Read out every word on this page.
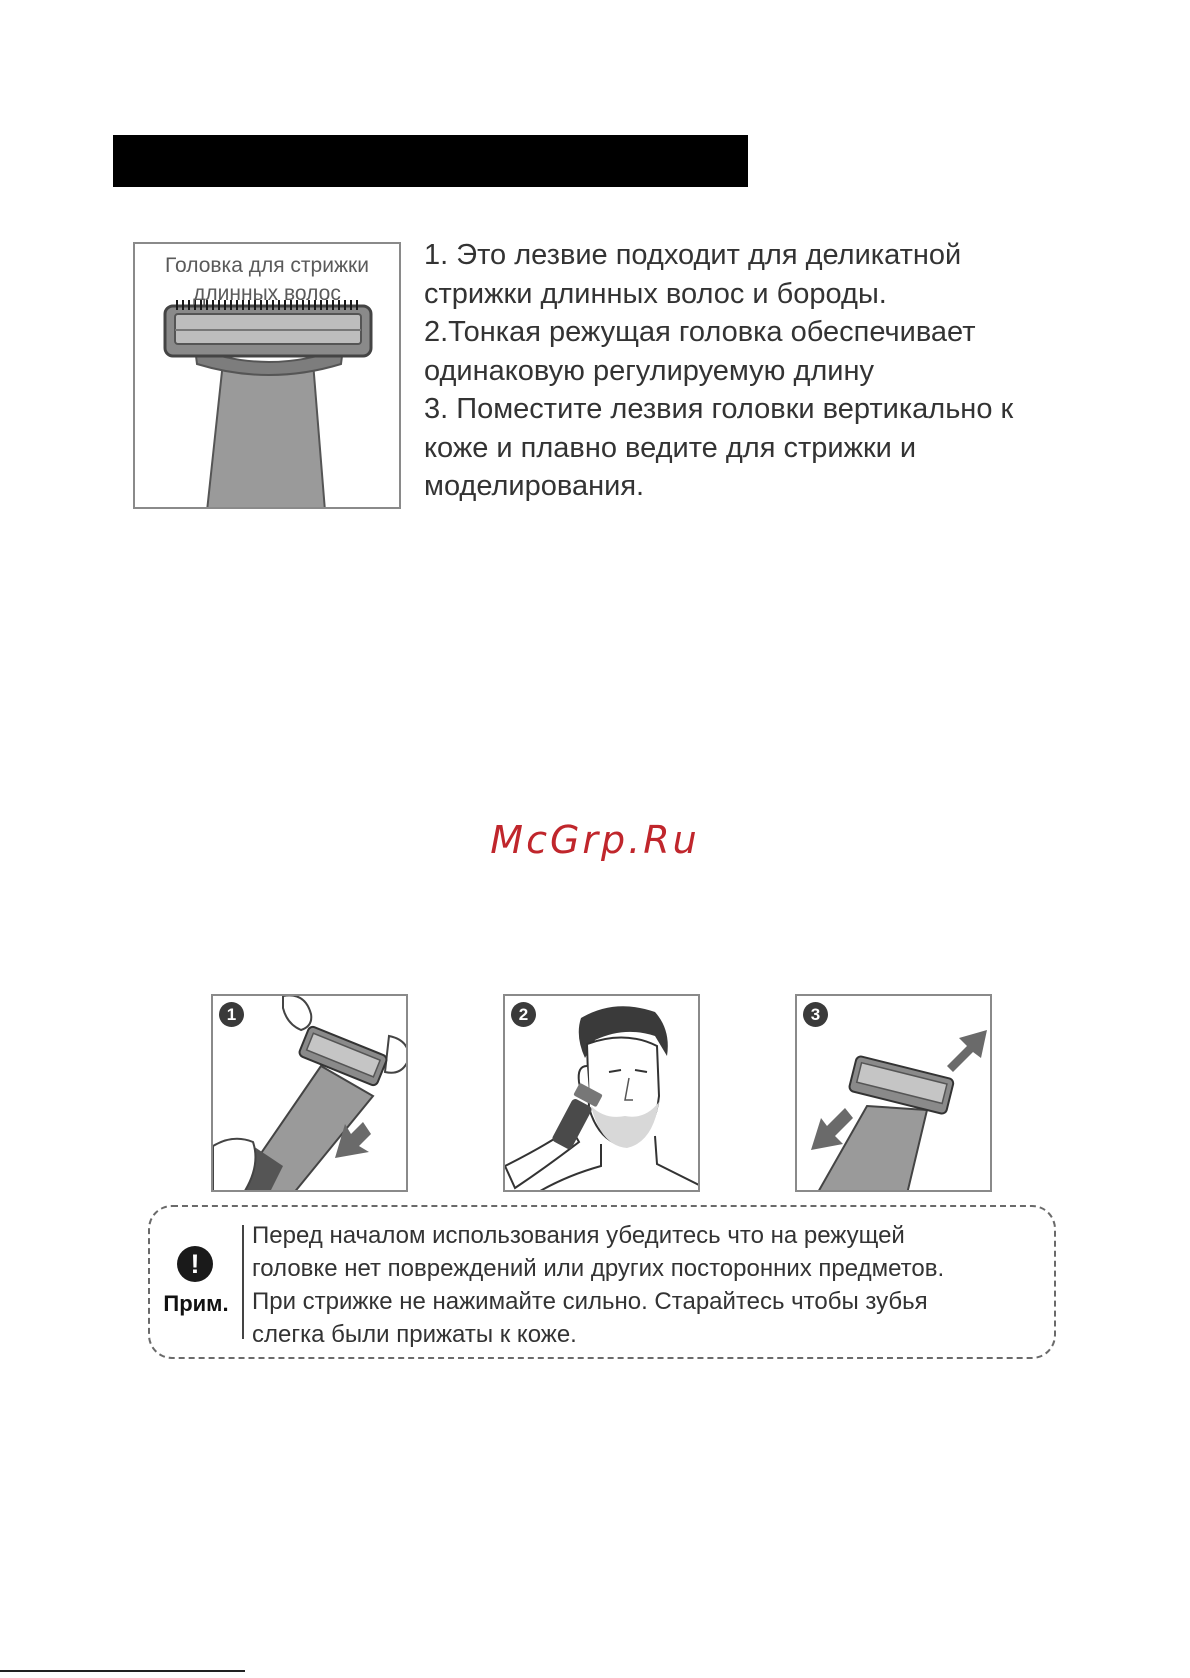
Головка для стрижки
длинных волос

1. Это лезвие подходит для деликатной

стрижки длинных волос и бороды.

2.Тонкая режущая головка обеспечивает

одинаковую регулируемую длину

3. Поместите лезвия головки вертикально к

коже и плавно ведите для стрижки и

моделирования.

McGrp.Ru
1	2	3
!
Прим.

Перед началом использования убедитесь что на режущей

головке нет повреждений или других посторонних предметов.

При стрижке не нажимайте сильно. Старайтесь чтобы зубья

слегка были прижаты к коже.
